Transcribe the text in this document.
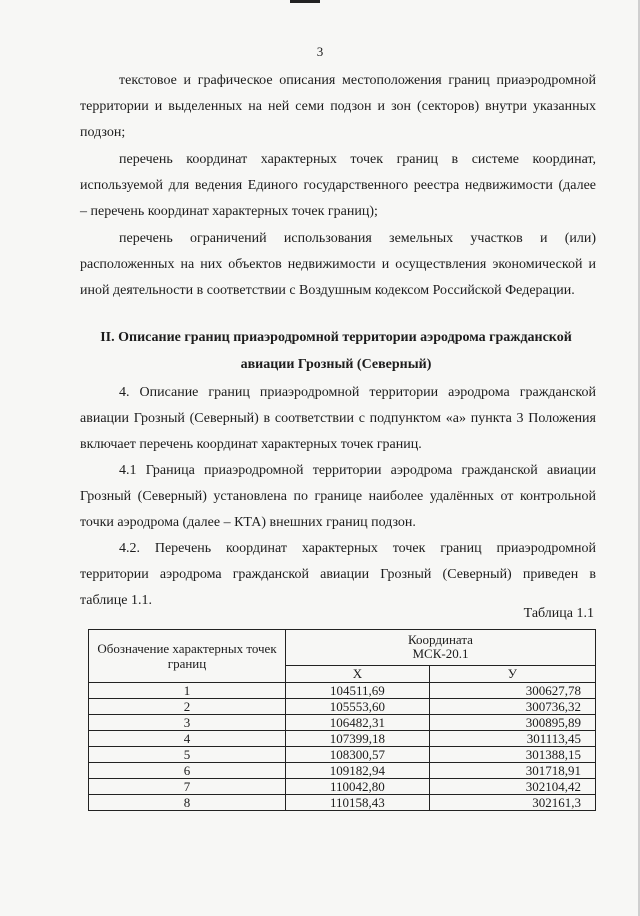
3
текстовое и графическое описания местоположения границ приаэродромной
территории и выделенных на ней семи подзон и зон (секторов) внутри указанных
подзон;
перечень координат характерных точек границ в системе координат,
используемой для ведения Единого государственного реестра недвижимости (далее
– перечень координат характерных точек границ);
перечень ограничений использования земельных участков и (или)
расположенных на них объектов недвижимости и осуществления экономической и
иной деятельности в соответствии с Воздушным кодексом Российской Федерации.
II. Описание границ приаэродромной территории аэродрома гражданской
авиации Грозный (Северный)
4. Описание границ приаэродромной территории аэродрома гражданской
авиации Грозный (Северный) в соответствии с подпунктом «а» пункта 3 Положения
включает перечень координат характерных точек границ.
4.1 Граница приаэродромной территории аэродрома гражданской авиации
Грозный (Северный) установлена по границе наиболее удалённых от контрольной
точки аэродрома (далее – КТА) внешних границ подзон.
4.2. Перечень координат характерных точек границ приаэродромной
территории аэродрома гражданской авиации Грозный (Северный) приведен в
таблице 1.1.
Таблица 1.1
Обозначение характерных точек границ	Координата
МСК-20.1	
	Х	У
1	104511,69	300627,78
2	105553,60	300736,32
3	106482,31	300895,89
4	107399,18	301113,45
5	108300,57	301388,15
6	109182,94	301718,91
7	110042,80	302104,42
8	110158,43	302161,3
